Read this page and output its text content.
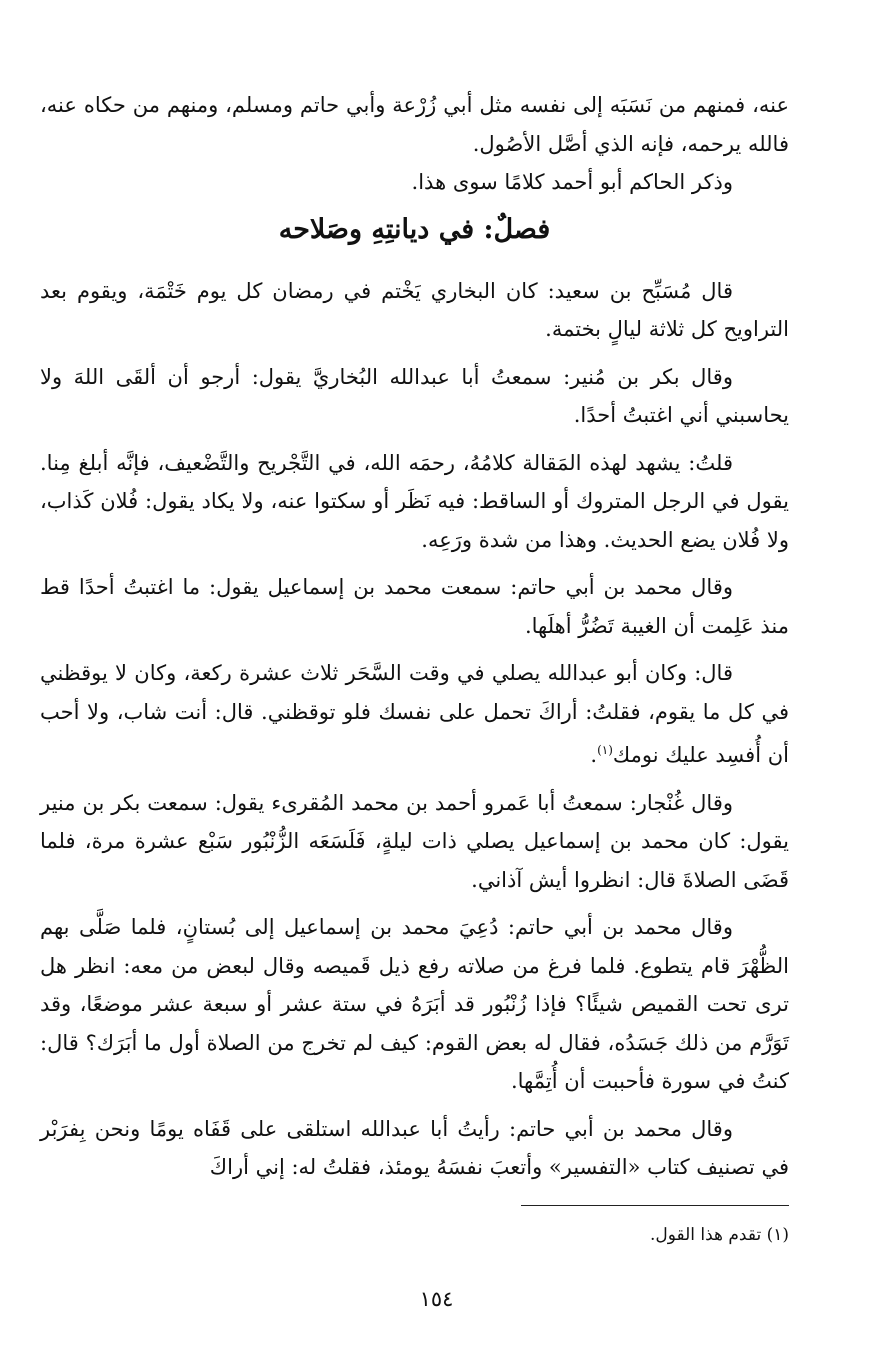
عنه، فمنهم من نَسَبَه إلى نفسه مثل أبي زُرْعة وأبي حاتم ومسلم، ومنهم من حكاه عنه، فالله يرحمه، فإنه الذي أصَّل الأصُول.

وذكر الحاكم أبو أحمد كلامًا سوى هذا.

فصلٌ: في ديانتِهِ وصَلاحه

قال مُسَبِّح بن سعيد: كان البخاري يَخْتم في رمضان كل يوم خَتْمَة، ويقوم بعد التراويح كل ثلاثة ليالٍ بختمة.

وقال بكر بن مُنير: سمعتُ أبا عبدالله البُخاريَّ يقول: أرجو أن ألقَى اللهَ ولا يحاسبني أني اغتبتُ أحدًا.

قلتُ: يشهد لهذه المَقالة كلامُهُ، رحمَه الله، في التَّجْريح والتَّضْعيف، فإنَّه أبلغ مِنا. يقول في الرجل المتروك أو الساقط: فيه نَظَر أو سكتوا عنه، ولا يكاد يقول: فُلان كَذاب، ولا فُلان يضع الحديث. وهذا من شدة ورَعِه.

وقال محمد بن أبي حاتم: سمعت محمد بن إسماعيل يقول: ما اغتبتُ أحدًا قط منذ عَلِمت أن الغيبة تَضُرُّ أهلَها.

قال: وكان أبو عبدالله يصلي في وقت السَّحَر ثلاث عشرة ركعة، وكان لا يوقظني في كل ما يقوم، فقلتُ: أراكَ تحمل على نفسك فلو توقظني. قال: أنت شاب، ولا أحب أن أُفسِد عليك نومك$^{(١)}$.

وقال غُنْجار: سمعتُ أبا عَمرو أحمد بن محمد المُقرىء يقول: سمعت بكر بن منير يقول: كان محمد بن إسماعيل يصلي ذات ليلةٍ، فَلَسَعَه الزُّنْبُور سَبْع عشرة مرة، فلما قَضَى الصلاةَ قال: انظروا أيش آذاني.

وقال محمد بن أبي حاتم: دُعِيَ محمد بن إسماعيل إلى بُستانٍ، فلما صَلَّى بهم الظُّهْرَ قام يتطوع. فلما فرغ من صلاته رفع ذيل قَميصه وقال لبعض من معه: انظر هل ترى تحت القميص شيئًا؟ فإذا زُنْبُور قد أبَرَهُ في ستة عشر أو سبعة عشر موضعًا، وقد تَوَرَّم من ذلك جَسَدُه، فقال له بعض القوم: كيف لم تخرج من الصلاة أول ما أبَرَك؟ قال: كنتُ في سورة فأحببت أن أُتِمَّها.

وقال محمد بن أبي حاتم: رأيتُ أبا عبدالله استلقى على قَفَاه يومًا ونحن بِفرَبْر في تصنيف كتاب «التفسير» وأتعبَ نفسَهُ يومئذ، فقلتُ له: إني أراكَ

(١) تقدم هذا القول.
١٥٤
